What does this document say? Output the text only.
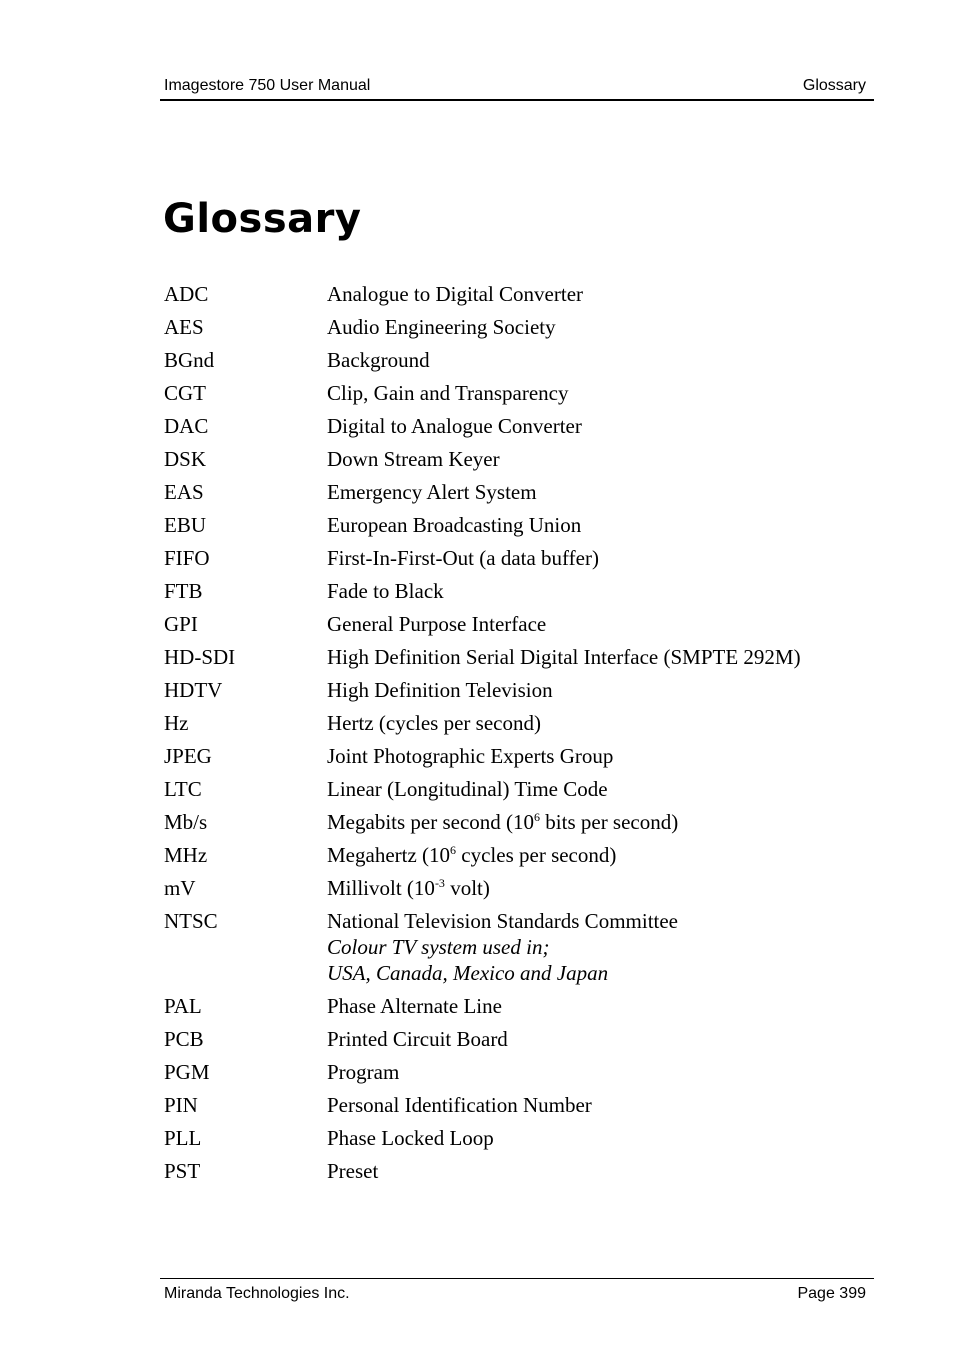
Imagestore 750 User Manual	Glossary
Glossary
ADC	Analogue to Digital Converter
AES	Audio Engineering Society
BGnd	Background
CGT	Clip, Gain and Transparency
DAC	Digital to Analogue Converter
DSK	Down Stream Keyer
EAS	Emergency Alert System
EBU	European Broadcasting Union
FIFO	First-In-First-Out (a data buffer)
FTB	Fade to Black
GPI	General Purpose Interface
HD-SDI	High Definition Serial Digital Interface (SMPTE 292M)
HDTV	High Definition Television
Hz	Hertz (cycles per second)
JPEG	Joint Photographic Experts Group
LTC	Linear (Longitudinal) Time Code
Mb/s	Megabits per second ($10^6$ bits per second)
MHz	Megahertz ($10^6$ cycles per second)
mV	Millivolt ($10^{-3}$ volt)
NTSC	National Television Standards Committee
Colour TV system used in;
USA, Canada, Mexico and Japan
PAL	Phase Alternate Line
PCB	Printed Circuit Board
PGM	Program
PIN	Personal Identification Number
PLL	Phase Locked Loop
PST	Preset
Miranda Technologies Inc.	Page 399
